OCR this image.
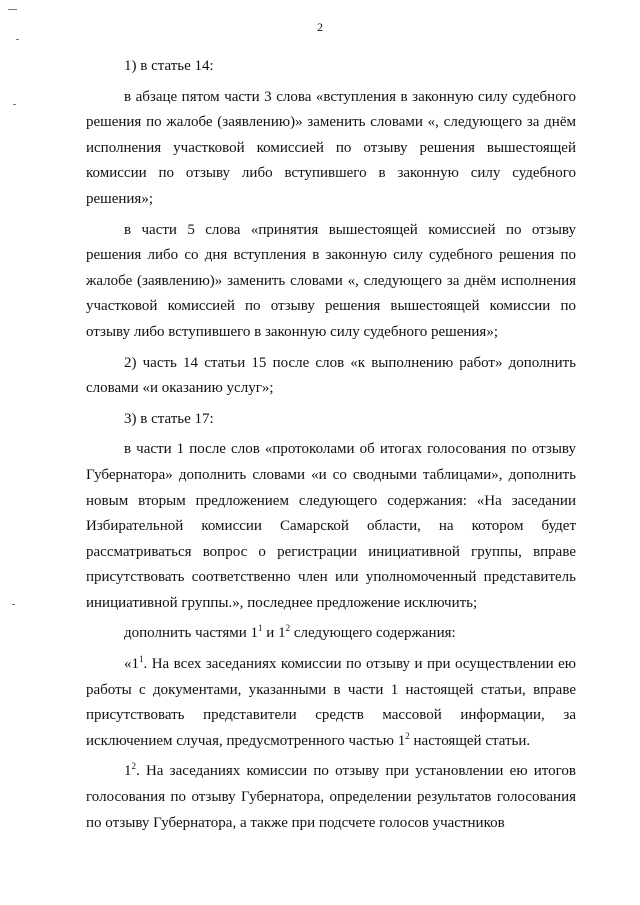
2

1) в статье 14:

в абзаце пятом части 3 слова «вступления в законную силу судебного решения по жалобе (заявлению)» заменить словами «, следующего за днём исполнения участковой комиссией по отзыву решения вышестоящей комиссии по отзыву либо вступившего в законную силу судебного решения»;

в части 5 слова «принятия вышестоящей комиссией по отзыву решения либо со дня вступления в законную силу судебного решения по жалобе (заявлению)» заменить словами «, следующего за днём исполнения участковой комиссией по отзыву решения вышестоящей комиссии по отзыву либо вступившего в законную силу судебного решения»;

2) часть 14 статьи 15 после слов «к выполнению работ» дополнить словами «и оказанию услуг»;

3) в статье 17:

в части 1 после слов «протоколами об итогах голосования по отзыву Губернатора» дополнить словами «и со сводными таблицами», дополнить новым вторым предложением следующего содержания: «На заседании Избирательной комиссии Самарской области, на котором будет рассматриваться вопрос о регистрации инициативной группы, вправе присутствовать соответственно член или уполномоченный представитель инициативной группы.», последнее предложение исключить;

дополнить частями $1^1$ и $1^2$ следующего содержания:

«$1^1$. На всех заседаниях комиссии по отзыву и при осуществлении ею работы с документами, указанными в части 1 настоящей статьи, вправе присутствовать представители средств массовой информации, за исключением случая, предусмотренного частью $1^2$ настоящей статьи.

$1^2$. На заседаниях комиссии по отзыву при установлении ею итогов голосования по отзыву Губернатора, определении результатов голосования по отзыву Губернатора, а также при подсчете голосов участников
